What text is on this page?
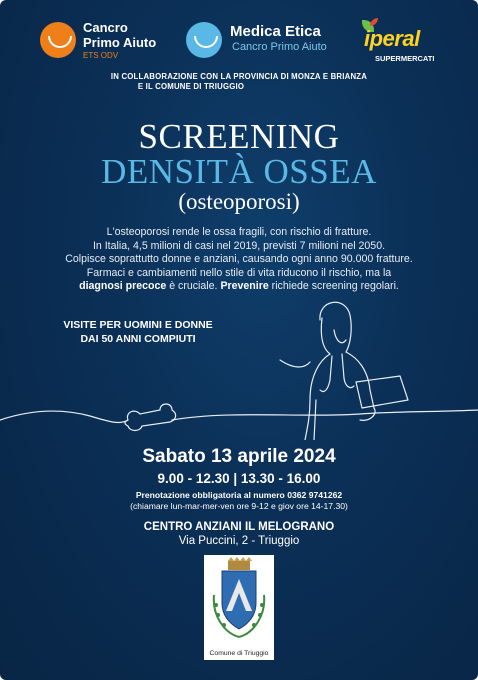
Cancro
Primo Aiuto
ETS ODV
Medica Etica
Cancro Primo Aiuto iperal
SUPERMERCATI
IN COLLABORAZIONE CON LA PROVINCIA DI MONZA E BRIANZA
E IL COMUNE DI TRIUGGIO
SCREENING
DENSITÀ OSSEA
(osteoporosi)
L'osteoporosi rende le ossa fragili, con rischio di fratture.
In Italia, 4,5 milioni di casi nel 2019, previsti 7 milioni nel 2050.
Colpisce soprattutto donne e anziani, causando ogni anno 90.000 fratture.
Farmaci e cambiamenti nello stile di vita riducono il rischio, ma la
diagnosi precoce è cruciale. Prevenire richiede screening regolari.
VISITE PER UOMINI E DONNE
DAI 50 ANNI COMPIUTI
Sabato 13 aprile 2024
9.00 - 12.30 | 13.30 - 16.00
Prenotazione obbligatoria al numero 0362 9741262
(chiamare lun-mar-mer-ven ore 9-12 e giov ore 14-17.30)
CENTRO ANZIANI IL MELOGRANO
Via Puccini, 2 - Triuggio
Comune di Triuggio
